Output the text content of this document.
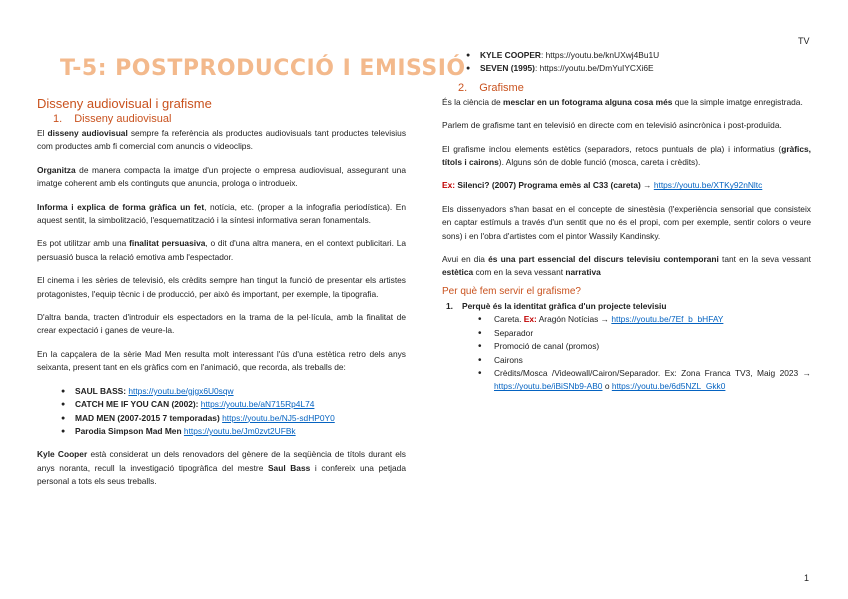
TV
T-5: POSTPRODUCCIÓ I EMISSIÓ
Disseny audiovisual i grafisme
1. Disseny audiovisual

El disseny audiovisual sempre fa referència als productes audiovisuals tant productes televisius com productes amb fi comercial com anuncis o videoclips.

Organitza de manera compacta la imatge d'un projecte o empresa audiovisual, assegurant una imatge coherent amb els continguts que anuncia, prologa o introdueix.

Informa i explica de forma gràfica un fet, notícia, etc. (proper a la infografia periodística). En aquest sentit, la simbolització, l'esquematització i la síntesi informativa seran fonamentals.

Es pot utilitzar amb una finalitat persuasiva, o dit d'una altra manera, en el context publicitari. La persuasió busca la relació emotiva amb l'espectador.

El cinema i les sèries de televisió, els crèdits sempre han tingut la funció de presentar els artistes protagonistes, l'equip tècnic i de producció, per això és important, per exemple, la tipografia.

D'altra banda, tracten d'introduir els espectadors en la trama de la pel·lícula, amb la finalitat de crear expectació i ganes de veure-la.

En la capçalera de la sèrie Mad Men resulta molt interessant l'ús d'una estètica retro dels anys seixanta, present tant en els gràfics com en l'animació, que recorda, als treballs de:

● SAUL BASS: https://youtu.be/gjgx6U0sqw
● CATCH ME IF YOU CAN (2002): https://youtu.be/aN715Rp4L74
● MAD MEN (2007-2015 7 temporadas) https://youtu.be/NJ5-sdHP0Y0
● Parodia Simpson Mad Men https://youtu.be/Jm0zvt2UFBk

Kyle Cooper està considerat un dels renovadors del gènere de la seqüència de títols durant els anys noranta, recull la investigació tipogràfica del mestre Saul Bass i confereix una petjada personal a tots els seus treballs.

● KYLE COOPER: https://youtu.be/knUXwj4Bu1U
● SEVEN (1995): https://youtu.be/DmYuIYCXi6E
2. Grafisme

És la ciència de mesclar en un fotograma alguna cosa més que la simple imatge enregistrada.

Parlem de grafisme tant en televisió en directe com en televisió asincrònica i post-produïda.

El grafisme inclou elements estètics (separadors, retocs puntuals de pla) i informatius (gràfics, títols i cairons). Alguns són de doble funció (mosca, careta i crèdits).

Ex: Silenci? (2007) Programa emès al C33 (careta) → https://youtu.be/XTKy92nNltc

Els dissenyadors s'han basat en el concepte de sinestèsia (l'experiència sensorial que consisteix en captar estímuls a través d'un sentit que no és el propi, com per exemple, sentir colors o veure sons) i en l'obra d'artistes com el pintor Wassily Kandinsky.

Avui en dia és una part essencial del discurs televisiu contemporani tant en la seva vessant estètica com en la seva vessant narrativa

Per què fem servir el grafisme?
1. Perquè és la identitat gràfica d'un projecte televisiu
• Careta. Ex: Aragón Notícias → https://youtu.be/7Ef_b_bHFAY
• Separador
• Promoció de canal (promos)
• Cairons
• Crèdits/Mosca /Videowall/Cairon/Separador. Ex: Zona Franca TV3, Maig 2023 → https://youtu.be/iBiSNb9-AB0 o https://youtu.be/6d5NZL_Gkk0
1
